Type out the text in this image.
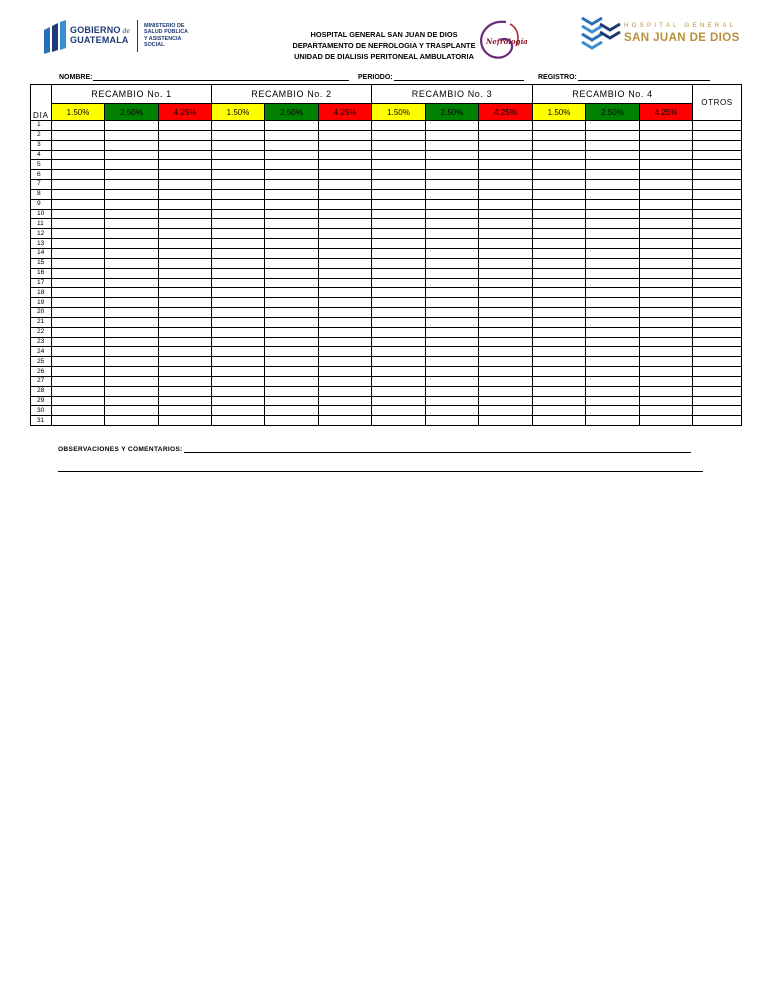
GOBIERNO de
GUATEMALA
MINISTERIO DE
SALUD PÚBLICA
Y ASISTENCIA
SOCIAL
HOSPITAL GENERAL SAN JUAN DE DIOS
DEPARTAMENTO DE NEFROLOGIA Y TRASPLANTE
UNIDAD DE DIALISIS PERITONEAL AMBULATORIA
Nefrología
HOSPITAL GENERAL
SAN JUAN DE DIOS
NOMBRE:	PERIODO:	REGISTRO:
DIA	RECAMBIO No. 1			RECAMBIO No. 2			RECAMBIO No. 3			RECAMBIO No. 4			OTROS
	1.50%	2.50%	4.25%	1.50%	2.50%	4.25%	1.50%	2.50%	4.25%	1.50%	2.50%	4.25%	
1													
2													
3													
4													
5													
6													
7													
8													
9													
10													
11													
12													
13													
14													
15													
16													
17													
18													
19													
20													
21													
22													
23													
24													
25													
26													
27													
28													
29													
30													
31													
OBSERVACIONES Y COMENTARIOS:
